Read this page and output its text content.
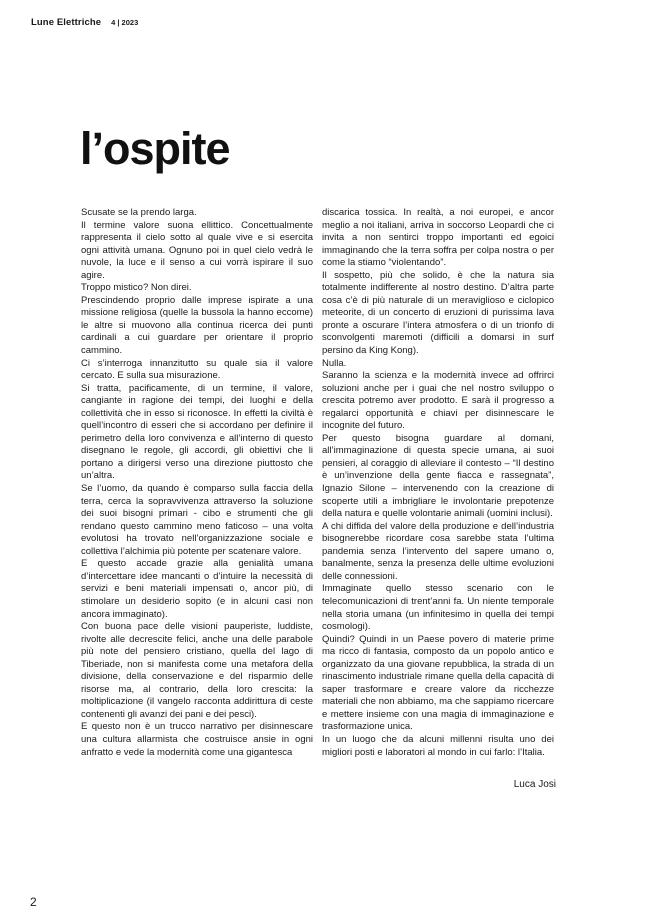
Lune Elettriche 4 | 2023
l’ospite

Scusate se la prendo larga.

Il termine valore suona ellittico. Concettualmente rappresenta il cielo sotto al quale vive e si esercita ogni attività umana. Ognuno poi in quel cielo vedrà le nuvole, la luce e il senso a cui vorrà ispirare il suo agire.

Troppo mistico? Non direi.

Prescindendo proprio dalle imprese ispirate a una missione religiosa (quelle la bussola la hanno eccome) le altre si muovono alla continua ricerca dei punti cardinali a cui guardare per orientare il proprio cammino.

Ci s’interroga innanzitutto su quale sia il valore cercato. E sulla sua misurazione.

Si tratta, pacificamente, di un termine, il valore, cangiante in ragione dei tempi, dei luoghi e della collettività che in esso si riconosce. In effetti la civiltà è quell’incontro di esseri che si accordano per definire il perimetro della loro convivenza e all’interno di questo disegnano le regole, gli accordi, gli obiettivi che li portano a dirigersi verso una direzione piuttosto che un’altra.

Se l’uomo, da quando è comparso sulla faccia della terra, cerca la sopravvivenza attraverso la soluzione dei suoi bisogni primari - cibo e strumenti che gli rendano questo cammino meno faticoso – una volta evolutosi ha trovato nell’organizzazione sociale e collettiva l’alchimia più potente per scatenare valore.

E questo accade grazie alla genialità umana d’intercettare idee mancanti o d’intuire la necessità di servizi e beni materiali impensati o, ancor più, di stimolare un desiderio sopito (e in alcuni casi non ancora immaginato).

Con buona pace delle visioni pauperiste, luddiste, rivolte alle decrescite felici, anche una delle parabole più note del pensiero cristiano, quella del lago di Tiberiade, non si manifesta come una metafora della divisione, della conservazione e del risparmio delle risorse ma, al contrario, della loro crescita: la moltiplicazione (il vangelo racconta addirittura di ceste contenenti gli avanzi dei pani e dei pesci).

E questo non è un trucco narrativo per disinnescare una cultura allarmista che costruisce ansie in ogni anfratto e vede la modernità come una gigantesca

discarica tossica. In realtà, a noi europei, e ancor meglio a noi italiani, arriva in soccorso Leopardi che ci invita a non sentirci troppo importanti ed egoici immaginando che la terra soffra per colpa nostra o per come la stiamo “violentando”.

Il sospetto, più che solido, è che la natura sia totalmente indifferente al nostro destino. D’altra parte cosa c’è di più naturale di un meraviglioso e ciclopico meteorite, di un concerto di eruzioni di purissima lava pronte a oscurare l’intera atmosfera o di un trionfo di sconvolgenti maremoti (difficili a domarsi in surf persino da King Kong).

Nulla.

Saranno la scienza e la modernità invece ad offrirci soluzioni anche per i guai che nel nostro sviluppo o crescita potremo aver prodotto. E sarà il progresso a regalarci opportunità e chiavi per disinnescare le incognite del futuro.

Per questo bisogna guardare al domani, all’immaginazione di questa specie umana, ai suoi pensieri, al coraggio di alleviare il contesto – “Il destino è un’invenzione della gente fiacca e rassegnata”, Ignazio Silone – intervenendo con la creazione di scoperte utili a imbrigliare le involontarie prepotenze della natura e quelle volontarie animali (uomini inclusi).

A chi diffida del valore della produzione e dell’industria bisognerebbe ricordare cosa sarebbe stata l’ultima pandemia senza l’intervento del sapere umano o, banalmente, senza la presenza delle ultime evoluzioni delle connessioni.

Immaginate quello stesso scenario con le telecomunicazioni di trent’anni fa. Un niente temporale nella storia umana (un infinitesimo in quella dei tempi cosmologi).

Quindi? Quindi in un Paese povero di materie prime ma ricco di fantasia, composto da un popolo antico e organizzato da una giovane repubblica, la strada di un rinascimento industriale rimane quella della capacità di saper trasformare e creare valore da ricchezze materiali che non abbiamo, ma che sappiamo ricercare e mettere insieme con una magia di immaginazione e trasformazione unica.

In un luogo che da alcuni millenni risulta uno dei migliori posti e laboratori al mondo in cui farlo: l’Italia.

Luca Josi

2
